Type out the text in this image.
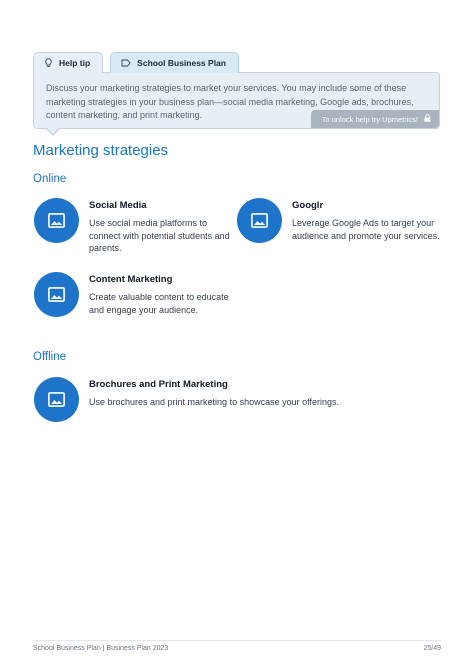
Help tip	School Business Plan

Discuss your marketing strategies to market your services. You may include some of these marketing strategies in your business plan—social media marketing, Google ads, brochures, content marketing, and print marketing.	To unlock help try Upmetrics!
Marketing strategies
Online
Social Media
Use social media platforms to connect with potential students and parents.
Googlr
Leverage Google Ads to target your audience and promote your services.
Content Marketing
Create valuable content to educate and engage your audience.
Offline
Brochures and Print Marketing
Use brochures and print marketing to showcase your offerings.
School Business Plan | Business Plan 2023	25/49
